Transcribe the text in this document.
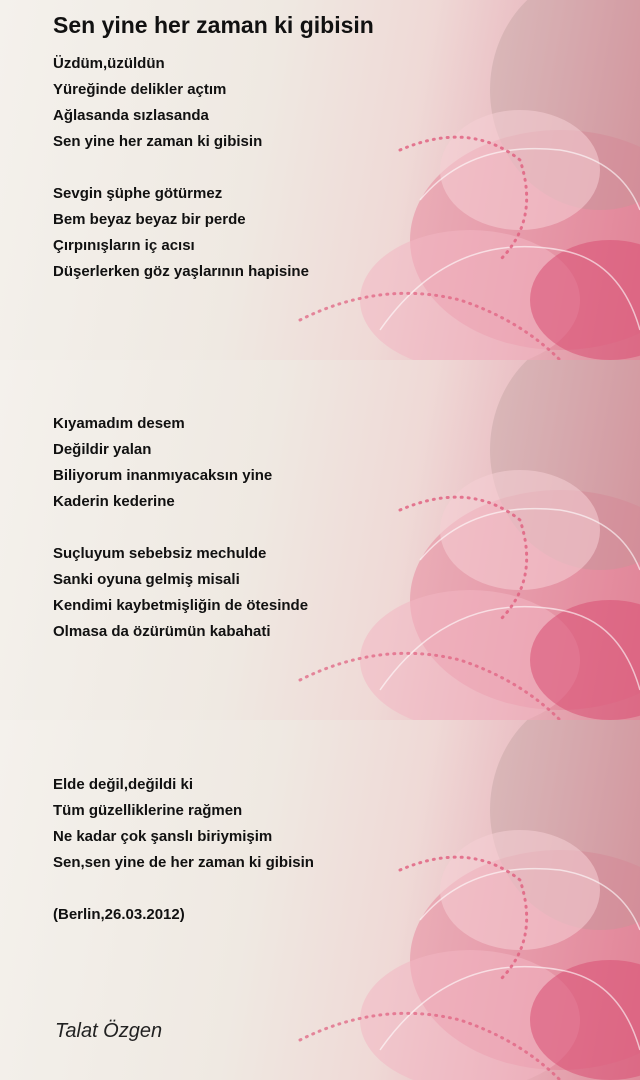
Sen yine her zaman ki gibisin
Üzdüm,üzüldün
Yüreğinde delikler açtım
Ağlasanda sızlasanda
Sen yine her zaman ki gibisin
Sevgin şüphe götürmez
Bem beyaz beyaz bir perde
Çırpınışların iç acısı
Düşerlerken göz yaşlarının hapisine
Kıyamadım desem
Değildir yalan
Biliyorum inanmıyacaksın yine
Kaderin kederine
Suçluyum sebebsiz mechulde
Sanki oyuna gelmiş misali
Kendimi kaybetmişliğin de ötesinde
Olmasa da özürümün kabahati
Elde değil,değildi ki
Tüm güzelliklerine rağmen
Ne kadar çok şanslı biriymişim
Sen,sen yine de her zaman ki gibisin
(Berlin,26.03.2012)
Talat Özgen
